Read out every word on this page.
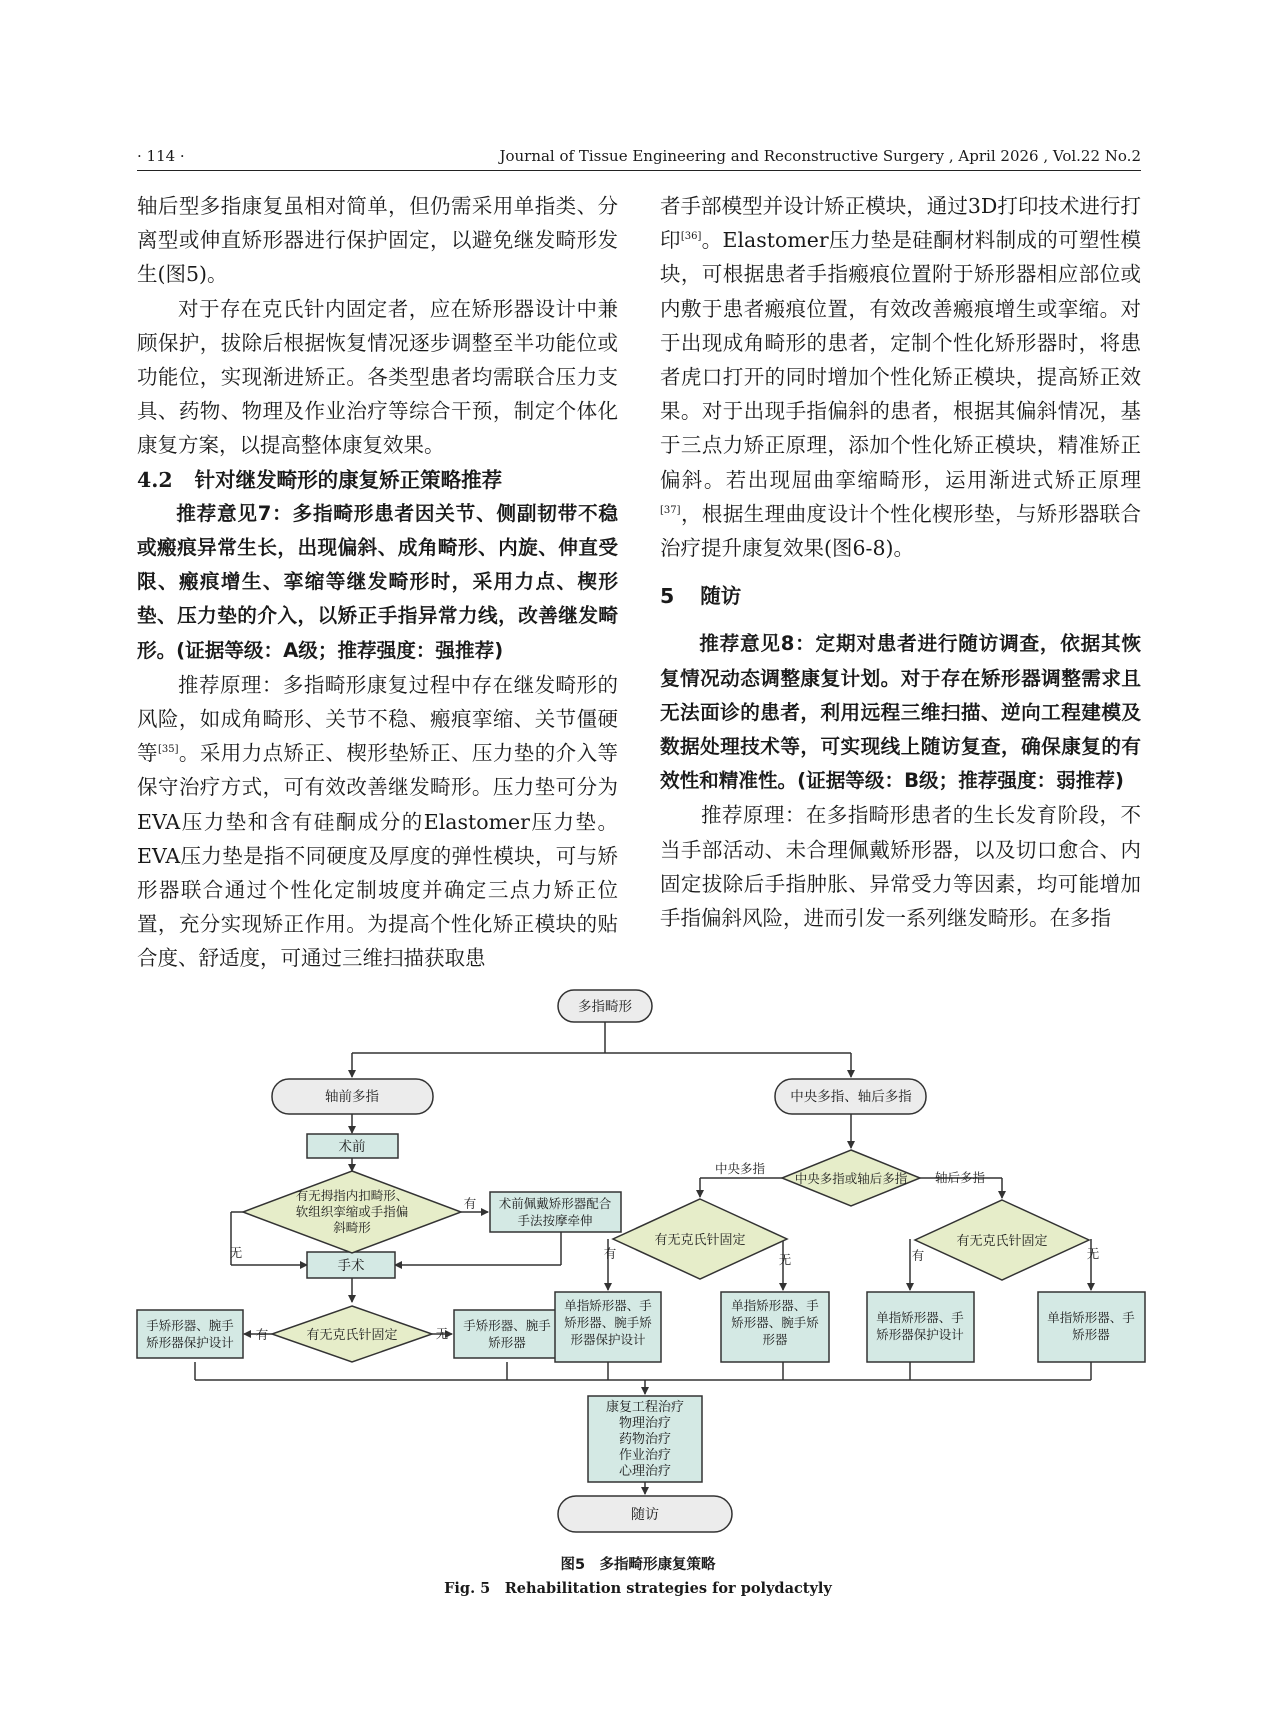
· 114 ·	Journal of Tissue Engineering and Reconstructive Surgery , April 2026 , Vol.22 No.2

轴后型多指康复虽相对简单，但仍需采用单指类、分离型或伸直矫形器进行保护固定，以避免继发畸形发生(图5)。

对于存在克氏针内固定者，应在矫形器设计中兼顾保护，拔除后根据恢复情况逐步调整至半功能位或功能位，实现渐进矫正。各类型患者均需联合压力支具、药物、物理及作业治疗等综合干预，制定个体化康复方案，以提高整体康复效果。

4.2 针对继发畸形的康复矫正策略推荐

推荐意见7：多指畸形患者因关节、侧副韧带不稳或瘢痕异常生长，出现偏斜、成角畸形、内旋、伸直受限、瘢痕增生、挛缩等继发畸形时，采用力点、楔形垫、压力垫的介入，以矫正手指异常力线，改善继发畸形。(证据等级：A级；推荐强度：强推荐)

推荐原理：多指畸形康复过程中存在继发畸形的风险，如成角畸形、关节不稳、瘢痕挛缩、关节僵硬等[35]。采用力点矫正、楔形垫矫正、压力垫的介入等保守治疗方式，可有效改善继发畸形。压力垫可分为EVA压力垫和含有硅酮成分的Elastomer压力垫。EVA压力垫是指不同硬度及厚度的弹性模块，可与矫形器联合通过个性化定制坡度并确定三点力矫正位置，充分实现矫正作用。为提高个性化矫正模块的贴合度、舒适度，可通过三维扫描获取患

者手部模型并设计矫正模块，通过3D打印技术进行打印[36]。Elastomer压力垫是硅酮材料制成的可塑性模块，可根据患者手指瘢痕位置附于矫形器相应部位或内敷于患者瘢痕位置，有效改善瘢痕增生或挛缩。对于出现成角畸形的患者，定制个性化矫形器时，将患者虎口打开的同时增加个性化矫正模块，提高矫正效果。对于出现手指偏斜的患者，根据其偏斜情况，基于三点力矫正原理，添加个性化矫正模块，精准矫正偏斜。若出现屈曲挛缩畸形，运用渐进式矫正原理[37]，根据生理曲度设计个性化楔形垫，与矫形器联合治疗提升康复效果(图6-8)。

5 随访

推荐意见8：定期对患者进行随访调查，依据其恢复情况动态调整康复计划。对于存在矫形器调整需求且无法面诊的患者，利用远程三维扫描、逆向工程建模及数据处理技术等，可实现线上随访复查，确保康复的有效性和精准性。(证据等级：B级；推荐强度：弱推荐)

推荐原理：在多指畸形患者的生长发育阶段，不当手部活动、未合理佩戴矫形器，以及切口愈合、内固定拔除后手指肿胀、异常受力等因素，均可能增加手指偏斜风险，进而引发一系列继发畸形。在多指

多指畸形
轴前多指	中央多指、轴后多指
术前
有无拇指内扣畸形、
软组织挛缩或手指偏
斜畸形
术前佩戴矫形器配合
手法按摩牵伸
手术
有无克氏针固定
中央多指或轴后多指
有无克氏针固定	有无克氏针固定
中央多指
轴后多指
有
无
有	无
有	无	有	无
手矫形器、腕手
矫形器保护设计
手矫形器、腕手
矫形器
单指矫形器、手
矫形器、腕手矫
形器保护设计
单指矫形器、手
矫形器、腕手矫
形器
单指矫形器、手
矫形器保护设计
单指矫形器、手
矫形器
康复工程治疗
物理治疗
药物治疗
作业治疗
心理治疗
随访
图5　多指畸形康复策略
Fig. 5　Rehabilitation strategies for polydactyly
